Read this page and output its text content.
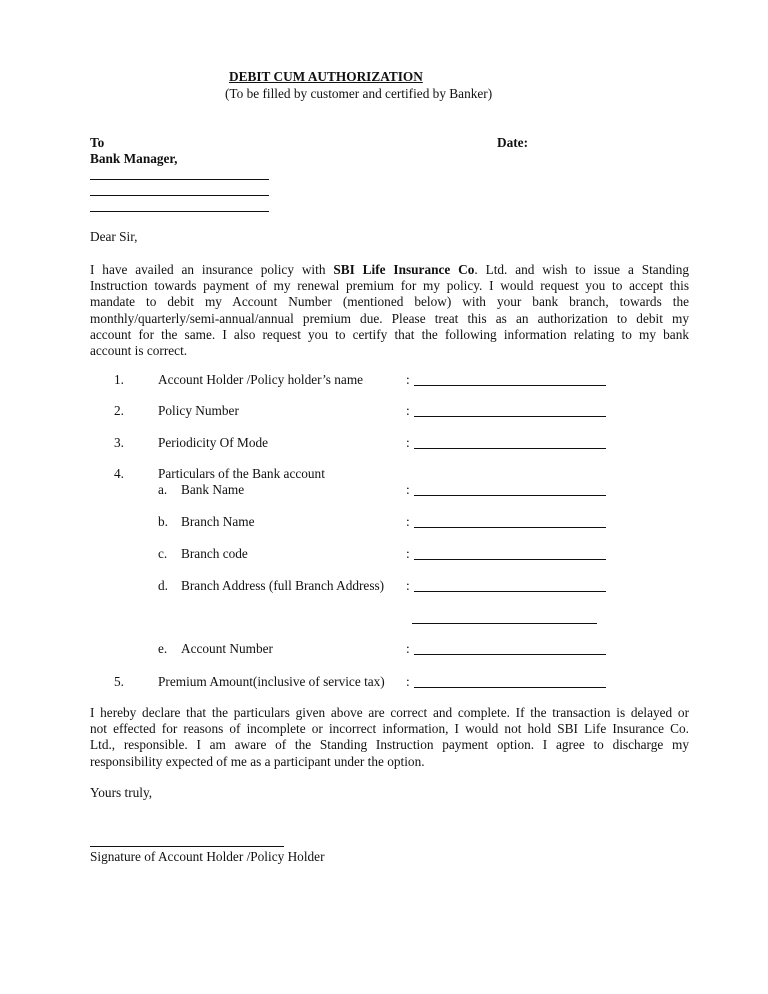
DEBIT CUM AUTHORIZATION
(To be filled by customer and certified by Banker)
To	Date:
Bank Manager,
Dear Sir,
I have availed an insurance policy with SBI Life Insurance Co. Ltd. and wish to issue a Standing
Instruction towards payment of my renewal premium for my policy. I would request you to accept this
mandate to debit my Account Number (mentioned below) with your bank branch, towards the
monthly/quarterly/semi-annual/annual premium due. Please treat this as an authorization to debit my
account for the same. I also request you to certify that the following information relating to my bank
account is correct.
1.	Account Holder /Policy holder’s name	:
2.	Policy Number	:
3.	Periodicity Of Mode	:
4.	Particulars of the Bank account
a. Bank Name	:
b. Branch Name	:
c. Branch code	:
d. Branch Address (full Branch Address) :
e. Account Number	:
5.	Premium Amount(inclusive of service tax) :
I hereby declare that the particulars given above are correct and complete. If the transaction is delayed or
not effected for reasons of incomplete or incorrect information, I would not hold SBI Life Insurance Co.
Ltd., responsible. I am aware of the Standing Instruction payment option. I agree to discharge my
responsibility expected of me as a participant under the option.
Yours truly,
Signature of Account Holder /Policy Holder
